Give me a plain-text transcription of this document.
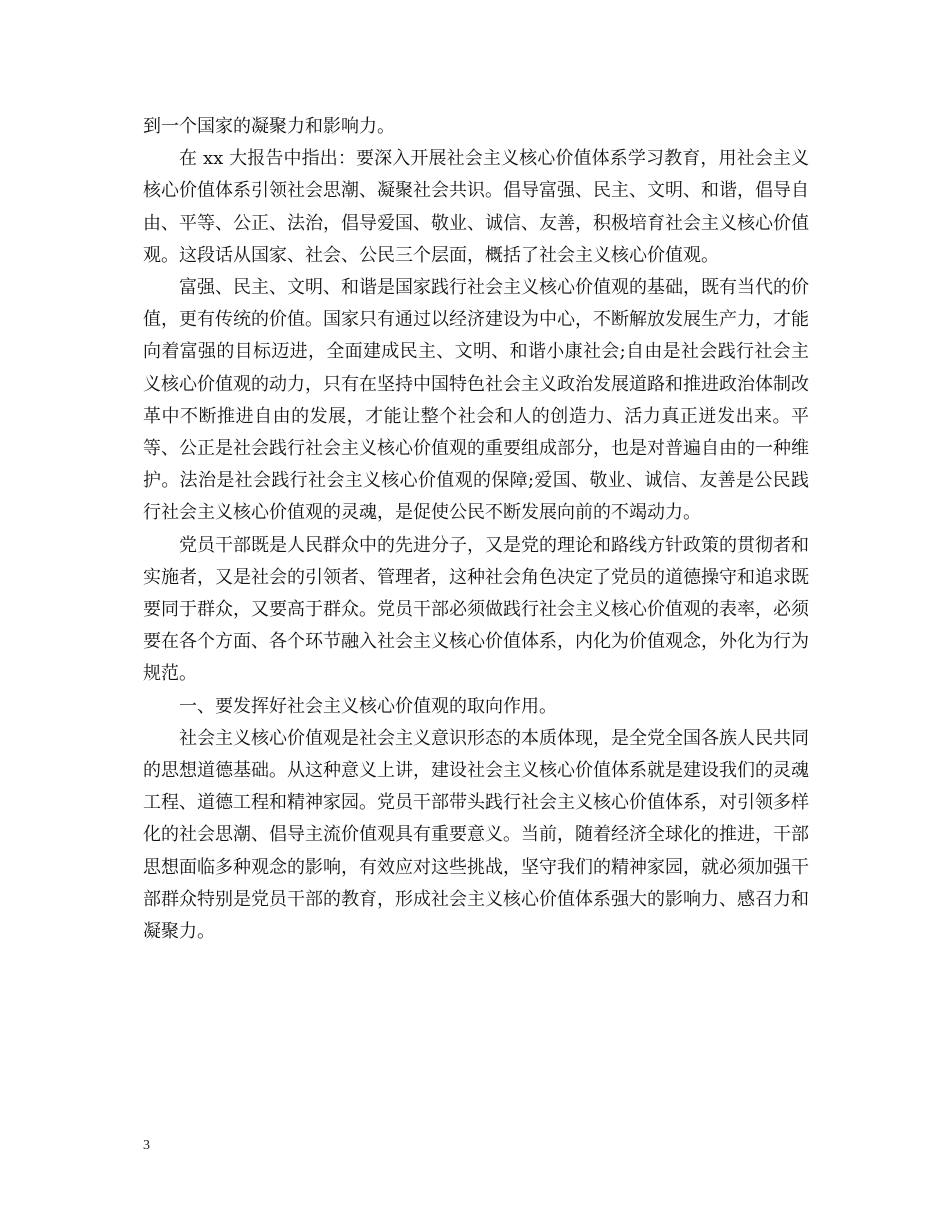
到一个国家的凝聚力和影响力。

在 xx 大报告中指出：要深入开展社会主义核心价值体系学习教育，用社会主义核心价值体系引领社会思潮、凝聚社会共识。倡导富强、民主、文明、和谐，倡导自由、平等、公正、法治，倡导爱国、敬业、诚信、友善，积极培育社会主义核心价值观。这段话从国家、社会、公民三个层面，概括了社会主义核心价值观。

富强、民主、文明、和谐是国家践行社会主义核心价值观的基础，既有当代的价值，更有传统的价值。国家只有通过以经济建设为中心，不断解放发展生产力，才能向着富强的目标迈进，全面建成民主、文明、和谐小康社会;自由是社会践行社会主义核心价值观的动力，只有在坚持中国特色社会主义政治发展道路和推进政治体制改革中不断推进自由的发展，才能让整个社会和人的创造力、活力真正迸发出来。平等、公正是社会践行社会主义核心价值观的重要组成部分，也是对普遍自由的一种维护。法治是社会践行社会主义核心价值观的保障;爱国、敬业、诚信、友善是公民践行社会主义核心价值观的灵魂，是促使公民不断发展向前的不竭动力。

党员干部既是人民群众中的先进分子，又是党的理论和路线方针政策的贯彻者和实施者，又是社会的引领者、管理者，这种社会角色决定了党员的道德操守和追求既要同于群众，又要高于群众。党员干部必须做践行社会主义核心价值观的表率，必须要在各个方面、各个环节融入社会主义核心价值体系，内化为价值观念，外化为行为规范。

一、要发挥好社会主义核心价值观的取向作用。

社会主义核心价值观是社会主义意识形态的本质体现，是全党全国各族人民共同的思想道德基础。从这种意义上讲，建设社会主义核心价值体系就是建设我们的灵魂工程、道德工程和精神家园。党员干部带头践行社会主义核心价值体系，对引领多样化的社会思潮、倡导主流价值观具有重要意义。当前，随着经济全球化的推进，干部思想面临多种观念的影响，有效应对这些挑战，坚守我们的精神家园，就必须加强干部群众特别是党员干部的教育，形成社会主义核心价值体系强大的影响力、感召力和凝聚力。

3
